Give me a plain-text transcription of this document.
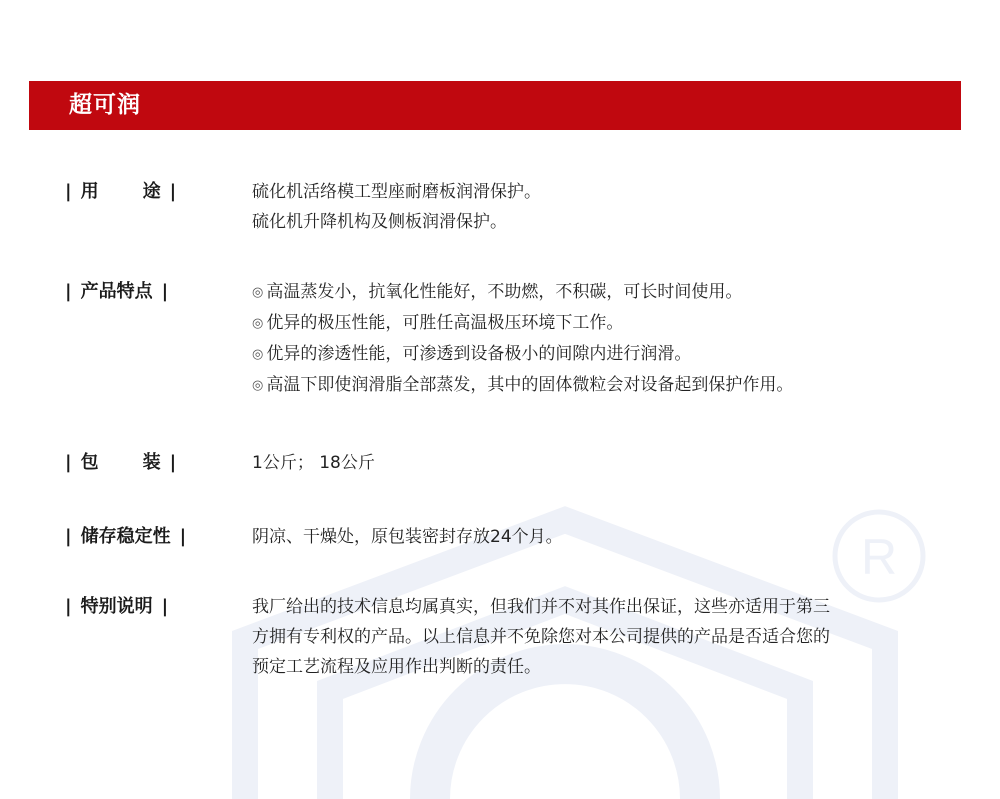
R
超可润
| 用 途 |	硫化机活络模工型座耐磨板润滑保护。
硫化机升降机构及侧板润滑保护。
| 产品特点 |	◎ 高温蒸发小，抗氧化性能好，不助燃，不积碳，可长时间使用。
◎ 优异的极压性能，可胜任高温极压环境下工作。
◎ 优异的渗透性能，可渗透到设备极小的间隙内进行润滑。
◎ 高温下即使润滑脂全部蒸发，其中的固体微粒会对设备起到保护作用。
| 包 装 |	1公斤； 18公斤
| 储存稳定性 |	阴凉、干燥处，原包装密封存放24个月。
| 特别说明 |	我厂给出的技术信息均属真实，但我们并不对其作出保证，这些亦适用于第三
方拥有专利权的产品。以上信息并不免除您对本公司提供的产品是否适合您的
预定工艺流程及应用作出判断的责任。
